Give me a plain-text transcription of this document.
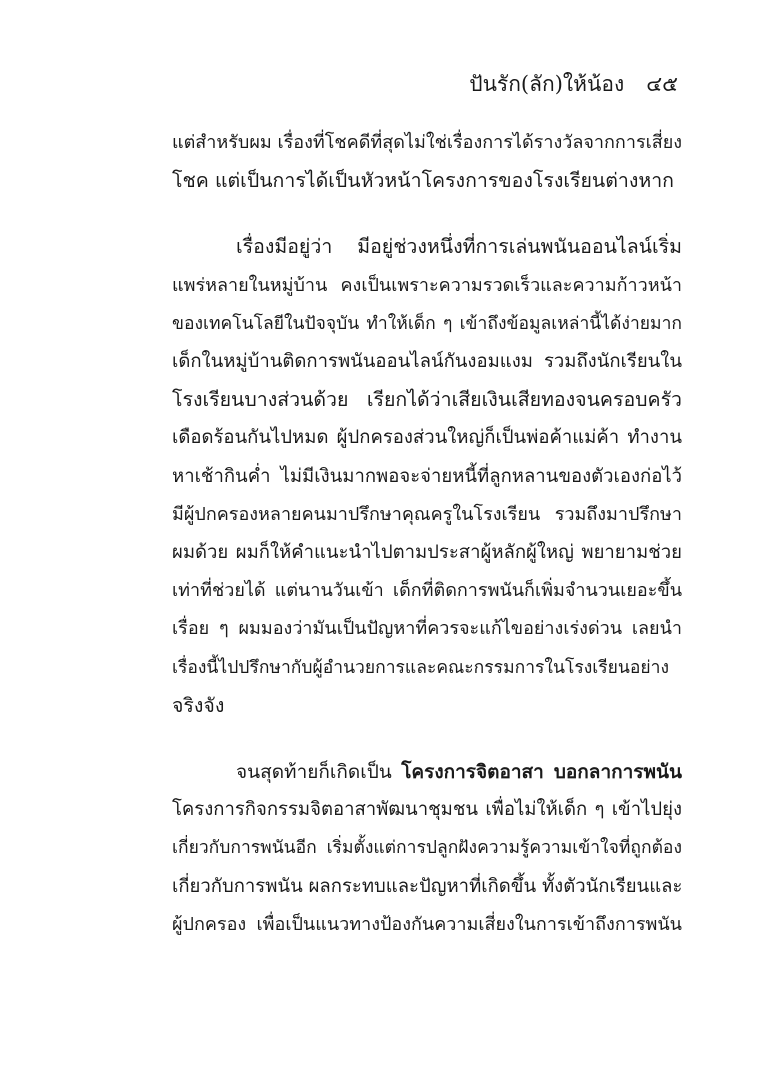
ปันรัก(ลัก)ให้น้อง ๔๕
แต่สำหรับผม เรื่องที่โชคดีที่สุดไม่ใช่เรื่องการได้รางวัลจากการเสี่ยง
โชค แต่เป็นการได้เป็นหัวหน้าโครงการของโรงเรียนต่างหาก
เรื่องมีอยู่ว่า มีอยู่ช่วงหนึ่งที่การเล่นพนันออนไลน์เริ่ม
แพร่หลายในหมู่บ้าน คงเป็นเพราะความรวดเร็วและความก้าวหน้า
ของเทคโนโลยีในปัจจุบัน ทำให้เด็ก ๆ เข้าถึงข้อมูลเหล่านี้ได้ง่ายมาก
เด็กในหมู่บ้านติดการพนันออนไลน์กันงอมแงม รวมถึงนักเรียนใน
โรงเรียนบางส่วนด้วย เรียกได้ว่าเสียเงินเสียทองจนครอบครัว
เดือดร้อนกันไปหมด ผู้ปกครองส่วนใหญ่ก็เป็นพ่อค้าแม่ค้า ทำงาน
หาเช้ากินค่ำ ไม่มีเงินมากพอจะจ่ายหนี้ที่ลูกหลานของตัวเองก่อไว้
มีผู้ปกครองหลายคนมาปรึกษาคุณครูในโรงเรียน รวมถึงมาปรึกษา
ผมด้วย ผมก็ให้คำแนะนำไปตามประสาผู้หลักผู้ใหญ่ พยายามช่วย
เท่าที่ช่วยได้ แต่นานวันเข้า เด็กที่ติดการพนันก็เพิ่มจำนวนเยอะขึ้น
เรื่อย ๆ ผมมองว่ามันเป็นปัญหาที่ควรจะแก้ไขอย่างเร่งด่วน เลยนำ
เรื่องนี้ไปปรึกษากับผู้อำนวยการและคณะกรรมการในโรงเรียนอย่าง
จริงจัง
จนสุดท้ายก็เกิดเป็น โครงการจิตอาสา บอกลาการพนัน
โครงการกิจกรรมจิตอาสาพัฒนาชุมชน เพื่อไม่ให้เด็ก ๆ เข้าไปยุ่ง
เกี่ยวกับการพนันอีก เริ่มตั้งแต่การปลูกฝังความรู้ความเข้าใจที่ถูกต้อง
เกี่ยวกับการพนัน ผลกระทบและปัญหาที่เกิดขึ้น ทั้งตัวนักเรียนและ
ผู้ปกครอง เพื่อเป็นแนวทางป้องกันความเสี่ยงในการเข้าถึงการพนัน
